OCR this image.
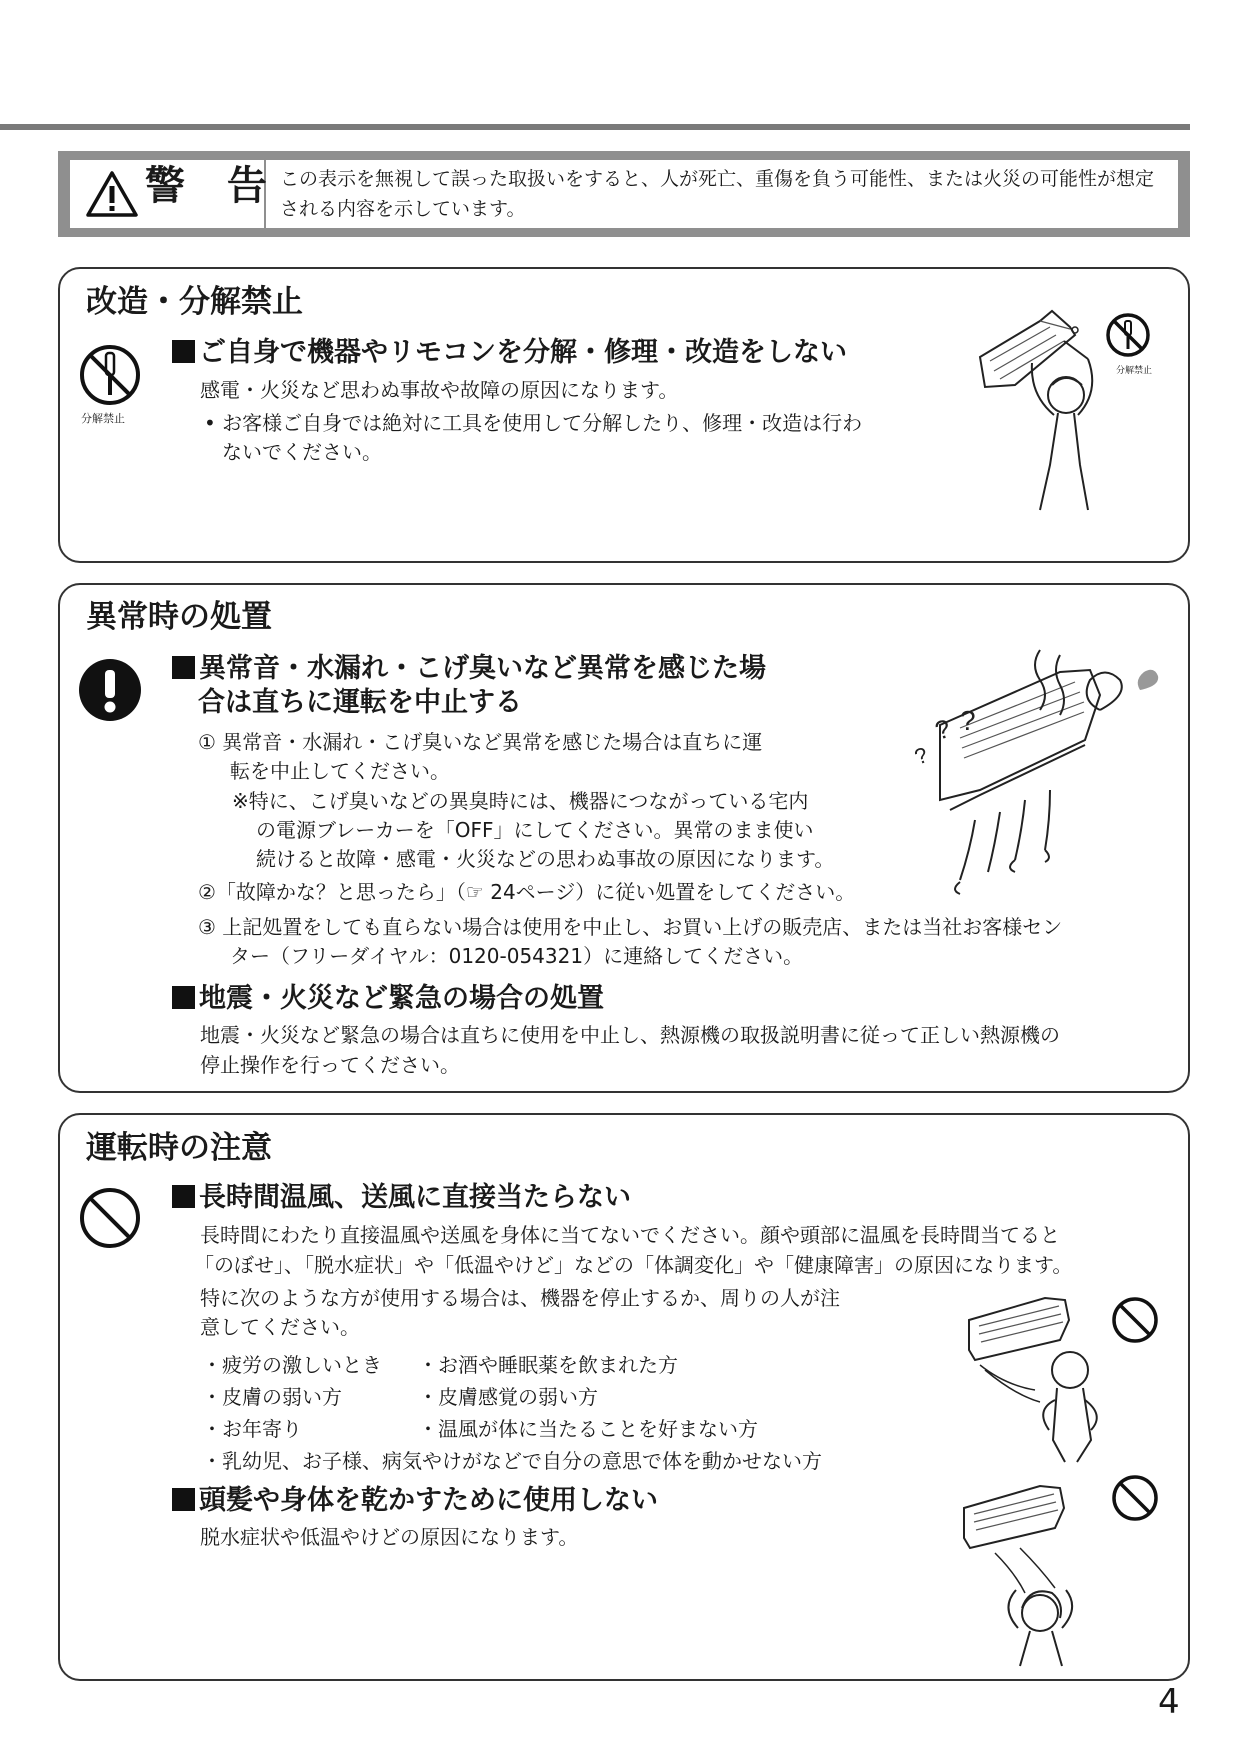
警 告 この表示を無視して誤った取扱いをすると、人が死亡、重傷を負う可能性、または火災の可能性が想定される内容を示しています。
改造・分解禁止
分解禁止
ご自身で機器やリモコンを分解・修理・改造をしない
感電・火災など思わぬ事故や故障の原因になります。
• お客様ご自身では絶対に工具を使用して分解したり、修理・改造は行わ
ないでください。
分解禁止
異常時の処置
異常音・水漏れ・こげ臭いなど異常を感じた場
合は直ちに運転を中止する
① 異常音・水漏れ・こげ臭いなど異常を感じた場合は直ちに運
転を中止してください。
※特に、こげ臭いなどの異臭時には、機器につながっている宅内
の電源ブレーカーを「OFF」にしてください。異常のまま使い
続けると故障・感電・火災などの思わぬ事故の原因になります。
②「故障かな？と思ったら」（☞ 24ページ）に従い処置をしてください。
③ 上記処置をしても直らない場合は使用を中止し、お買い上げの販売店、または当社お客様セン
ター（フリーダイヤル：0120-054321）に連絡してください。
地震・火災など緊急の場合の処置
地震・火災など緊急の場合は直ちに使用を中止し、熱源機の取扱説明書に従って正しい熱源機の
停止操作を行ってください。
?
? ?
運転時の注意
長時間温風、送風に直接当たらない
長時間にわたり直接温風や送風を身体に当てないでください。顔や頭部に温風を長時間当てると
「のぼせ」、「脱水症状」や「低温やけど」などの「体調変化」や「健康障害」の原因になります。
特に次のような方が使用する場合は、機器を停止するか、周りの人が注
意してください。
・疲労の激しいとき ・お酒や睡眠薬を飲まれた方
・皮膚の弱い方	・皮膚感覚の弱い方
・お年寄り	・温風が体に当たることを好まない方
・乳幼児、お子様、病気やけがなどで自分の意思で体を動かせない方
頭髪や身体を乾かすために使用しない
脱水症状や低温やけどの原因になります。
4
